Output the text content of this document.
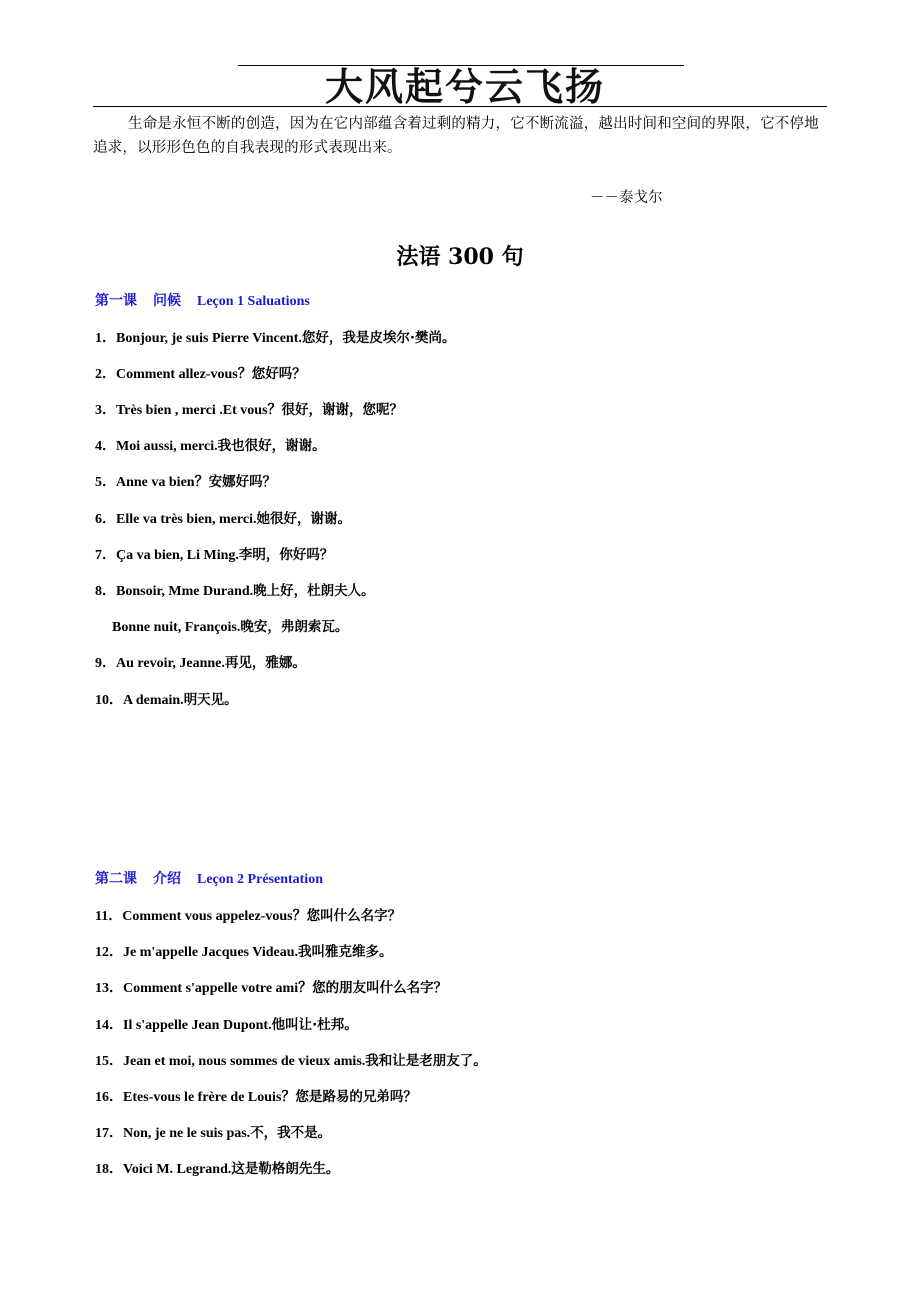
大风起兮云飞扬
生命是永恒不断的创造，因为在它内部蕴含着过剩的精力，它不断流溢，越出时间和空间的界限，它不停地追求，以形形色色的自我表现的形式表现出来。
－－泰戈尔
法语 300 句
第一课 问候 Leçon 1 Saluations
1．Bonjour, je suis Pierre Vincent.您好，我是皮埃尔·樊尚。
2．Comment allez-vous？您好吗？
3．Très bien , merci .Et vous？很好，谢谢，您呢？
4．Moi aussi, merci.我也很好，谢谢。
5．Anne va bien？安娜好吗？
6．Elle va très bien, merci.她很好，谢谢。
7．Ça va bien, Li Ming.李明，你好吗？
8．Bonsoir, Mme Durand.晚上好，杜朗夫人。
Bonne nuit, François.晚安，弗朗索瓦。
9．Au revoir, Jeanne.再见，雅娜。
10．A demain.明天见。
第二课 介绍 Leçon 2 Présentation
11．Comment vous appelez-vous？您叫什么名字？
12．Je m'appelle Jacques Videau.我叫雅克维多。
13．Comment s'appelle votre ami？您的朋友叫什么名字？
14．Il s'appelle Jean Dupont.他叫让·杜邦。
15．Jean et moi, nous sommes de vieux amis.我和让是老朋友了。
16．Etes-vous le frère de Louis？您是路易的兄弟吗？
17．Non, je ne le suis pas.不，我不是。
18．Voici M. Legrand.这是勒格朗先生。
